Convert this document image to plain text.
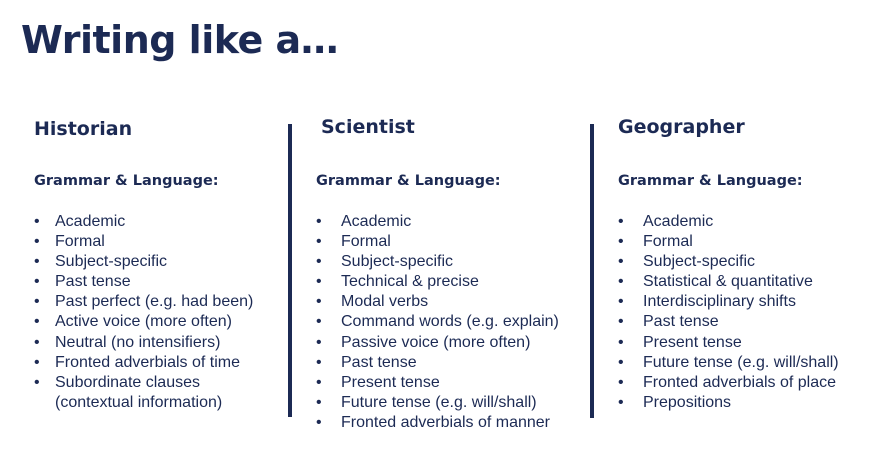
Writing like a…
Historian
Grammar & Language:
• Academic
• Formal
• Subject-specific
• Past tense
• Past perfect (e.g. had been)
• Active voice (more often)
• Neutral (no intensifiers)
• Fronted adverbials of time
• Subordinate clauses
(contextual information)
Scientist
Grammar & Language:
• Academic
• Formal
• Subject-specific
• Technical & precise
• Modal verbs
• Command words (e.g. explain)
• Passive voice (more often)
• Past tense
• Present tense
• Future tense (e.g. will/shall)
• Fronted adverbials of manner
Geographer
Grammar & Language:
• Academic
• Formal
• Subject-specific
• Statistical & quantitative
• Interdisciplinary shifts
• Past tense
• Present tense
• Future tense (e.g. will/shall)
• Fronted adverbials of place
• Prepositions
